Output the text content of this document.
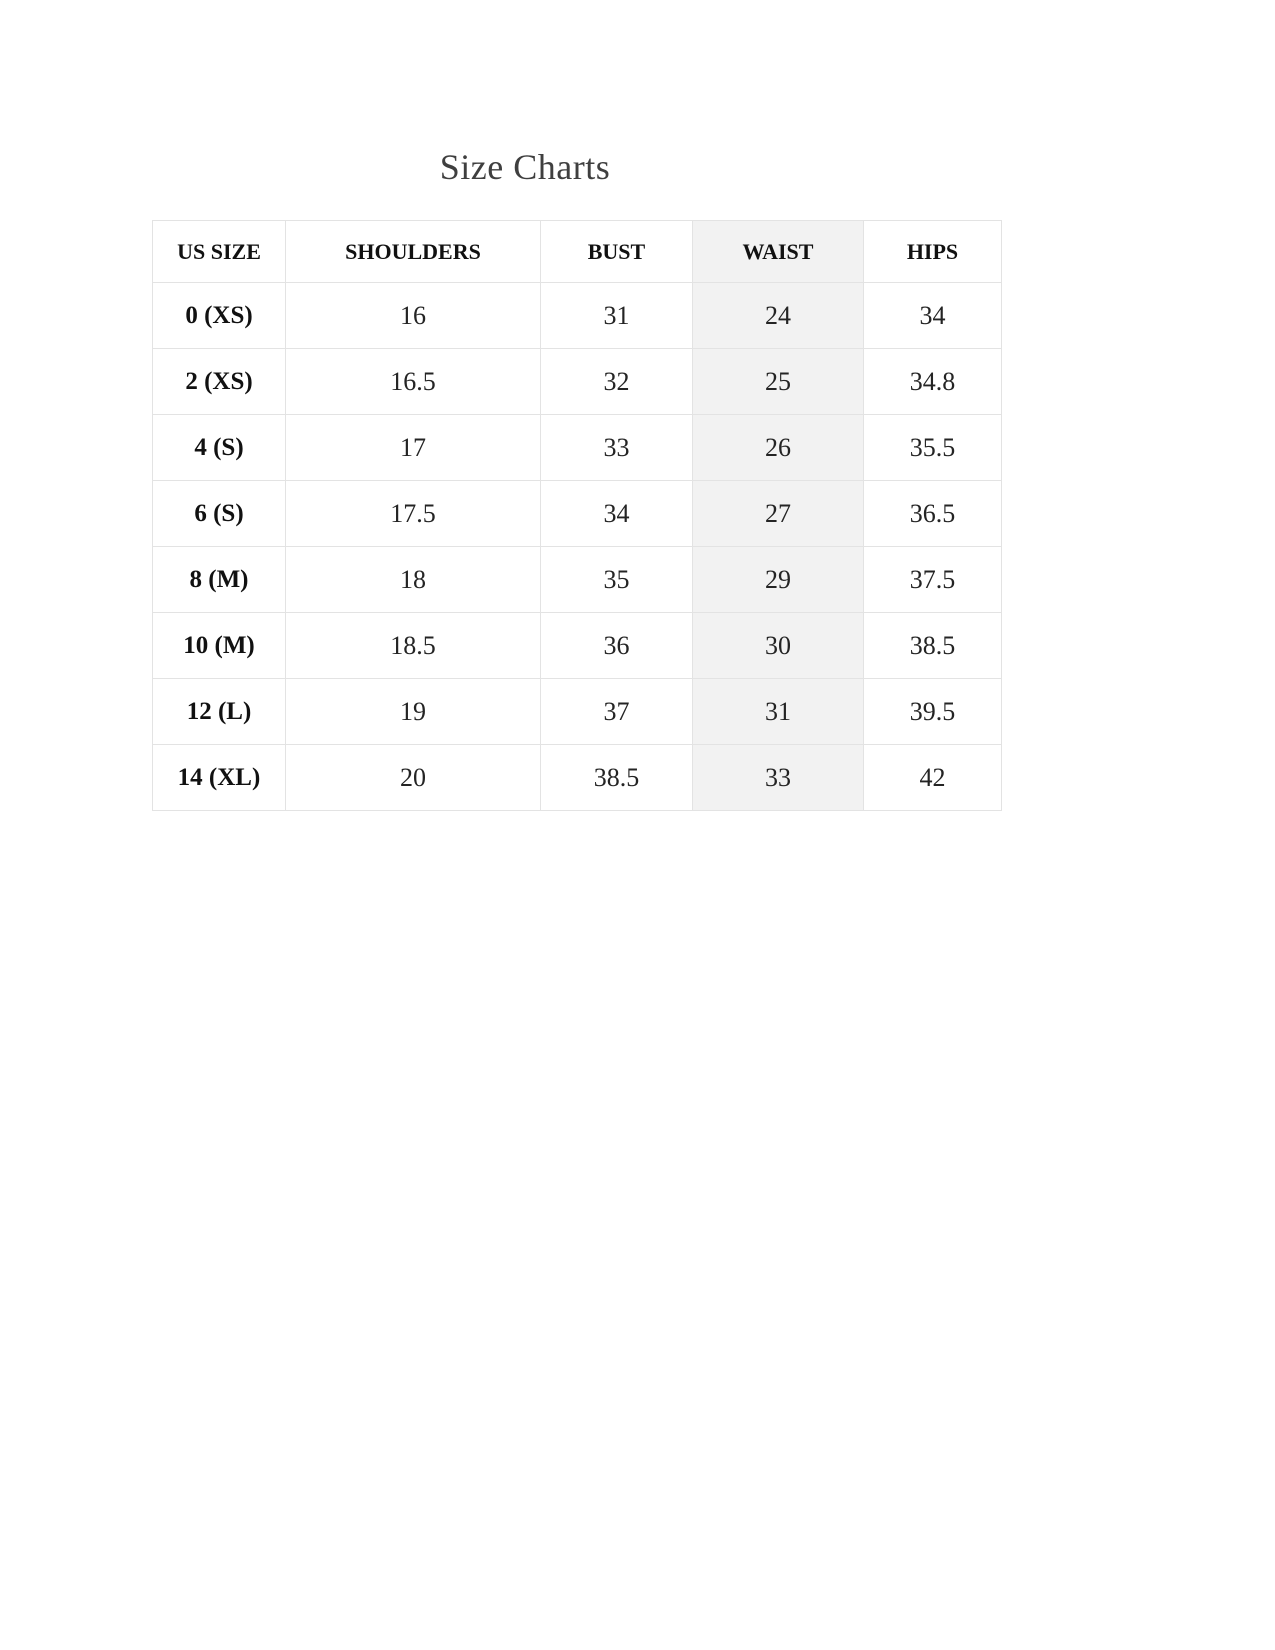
Size Charts
US SIZE	SHOULDERS	BUST	WAIST	HIPS
0 (XS)	16	31	24	34
2 (XS)	16.5	32	25	34.8
4 (S)	17	33	26	35.5
6 (S)	17.5	34	27	36.5
8 (M)	18	35	29	37.5
10 (M)	18.5	36	30	38.5
12 (L)	19	37	31	39.5
14 (XL)	20	38.5	33	42
